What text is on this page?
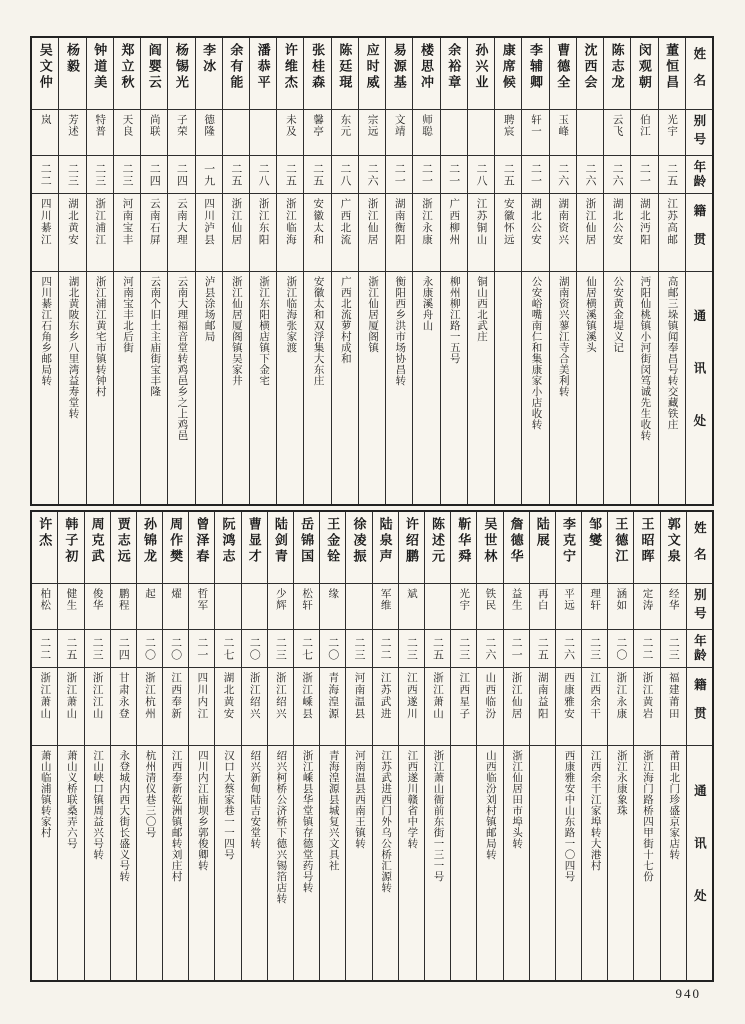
姓名
别号
年龄
籍贯
通讯处
董恒昌
光宇
二五
江苏高邮
高邮三垛镇闻奉昌号转交藏铁庄
闵观朝
伯江
二一
湖北沔阳
沔阳仙桃镇小河街闵笃诚先生收转
陈志龙
云飞
二六
湖北公安
公安黄金堤义记
沈西会
二六
浙江仙居
仙居横溪镇溪头
曹德全
玉峰
二六
湖南资兴
湖南资兴蓼江寺合美利转
李辅卿
轩一
二一
湖北公安
公安峪嘴南仁和集康家小店收转
康席候
聘宸
二五
安徽怀远
孙兴业
二八
江苏铜山
铜山西北武庄
余裕章
二一
广西柳州
柳州柳江路一五号
楼思冲
师聪
二一
浙江永康
永康溪舟山
易源基
文靖
二一
湖南衡阳
衡阳西乡洪市场协昌转
应时威
宗远
二六
浙江仙居
浙江仙居厦阁镇
陈廷琨
东元
二八
广西北流
广西北流萝村成和
张桂森
馨亭
二五
安徽太和
安徽太和双浮集大东庄
许维杰
未及
二五
浙江临海
浙江临海张家渡
潘恭平
二八
浙江东阳
浙江东阳横店镇下金宅
余有能
二五
浙江仙居
浙江仙居厦阁镇吴家井
李冰
德隆
一九
四川泸县
泸县涂场邮局
杨锡光
子荣
二四
云南大理
云南大理福音堂转鸡邑乡之上鸡邑
阎婴云
尚联
二四
云南石屏
云南个旧土主庙街宝丰隆
郑立秋
天良
二三
河南宝丰
河南宝丰北后街
钟道美
特普
二三
浙江浦江
浙江浦江黄宅市镇转钟村
杨毅
芳述
二三
湖北黄安
湖北黄陂东乡八里湾益寿堂转
吴文仲
岚
二二
四川綦江
四川綦江石角乡邮局转
姓名
别号
年龄
籍贯
通讯处
郭文泉
经华
二三
福建莆田
莆田北门珍盛京家店转
王昭晖
定涛
二二
浙江黄岩
浙江海门路桥四甲街十七份
王德江
涵如
二〇
浙江永康
浙江永康象珠
邹燮
理轩
二三
江西余干
江西余干江家埠转大港村
李克宁
平远
二六
西康雅安
西康雅安中山东路一〇四号
陆展
再白
二五
湖南益阳
詹德华
益生
二一
浙江仙居
浙江仙居田市埠头转
吴世林
铁民
二六
山西临汾
山西临汾刘村镇邮局转
靳华舜
光宇
二三
江西星子
陈述元
二五
浙江萧山
浙江萧山衙前东街一三一号
许绍鹏
斌
二三
江西遂川
江西遂川赣省中学转
陆泉声
军维
二二
江苏武进
江苏武进西门外乌公桥汇源转
徐凌振
二三
河南温县
河南温县西南王镇转
王金铨
缘
二〇
青海湟源
青海湟源县城复兴文具社
岳锦国
松轩
二七
浙江嵊县
浙江嵊县华堂镇存德堂药号转
陆剑青
少辉
二三
浙江绍兴
绍兴柯桥公济桥下德兴锡箔店转
曹显才
二〇
浙江绍兴
绍兴新甸陆吉安堂转
阮鸿志
二七
湖北黄安
汉口大蔡家巷一一四号
曾泽春
哲军
二一
四川内江
四川内江庙坝乡郭俊卿转
周作樊
燿
二〇
江西奉新
江西奉新乾洲镇邮转刘庄村
孙锦龙
起
二〇
浙江杭州
杭州清仪巷三〇号
贾志远
鹏程
二四
甘肃永登
永登城内西大街长盛义号转
周克武
俊华
二三
浙江江山
江山峡口镇周益兴号转
韩子初
健生
二五
浙江萧山
萧山义桥联桑弄六号
许杰
柏松
二二
浙江萧山
萧山临浦镇转家村
940
